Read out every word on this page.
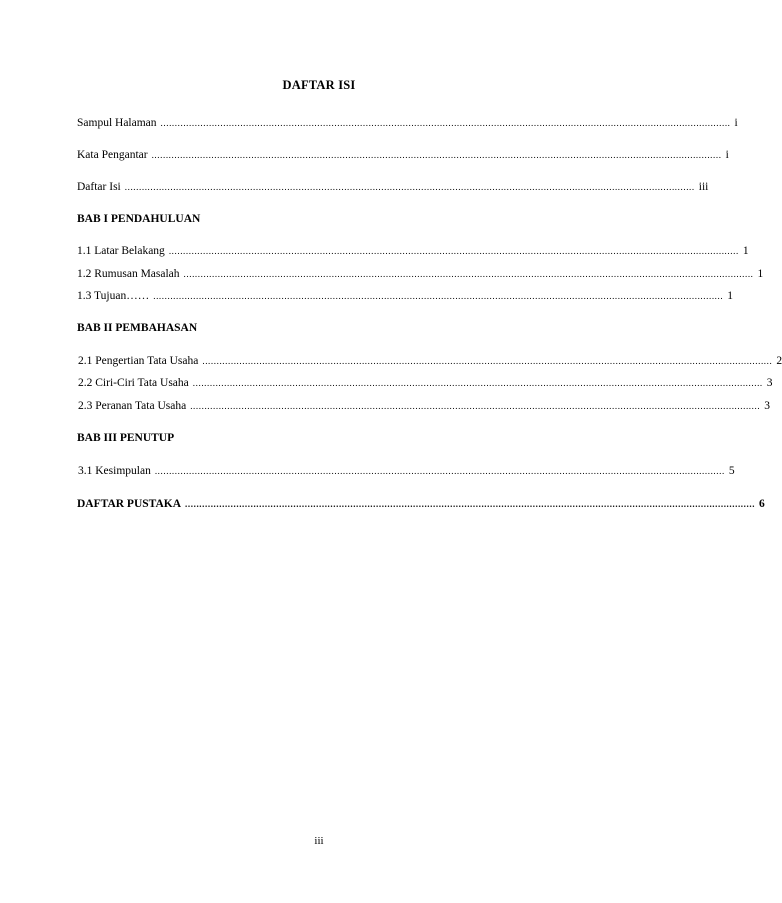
DAFTAR ISI
Sampul Halaman ........................................................................................................................................................................................................ i
Kata Pengantar ........................................................................................................................................................................................................ i
Daftar Isi ........................................................................................................................................................................................................ iii
BAB I PENDAHULUAN
1.1 Latar Belakang ........................................................................................................................................................................................................ 1
1.2 Rumusan Masalah ........................................................................................................................................................................................................ 1
1.3 Tujuan…… ........................................................................................................................................................................................................ 1
BAB II PEMBAHASAN
2.1 Pengertian Tata Usaha ........................................................................................................................................................................................................ 2
2.2 Ciri-Ciri Tata Usaha ........................................................................................................................................................................................................ 3
2.3 Peranan Tata Usaha ........................................................................................................................................................................................................ 3
BAB III PENUTUP
3.1 Kesimpulan ........................................................................................................................................................................................................ 5
DAFTAR PUSTAKA ........................................................................................................................................................................................................ 6
iii
